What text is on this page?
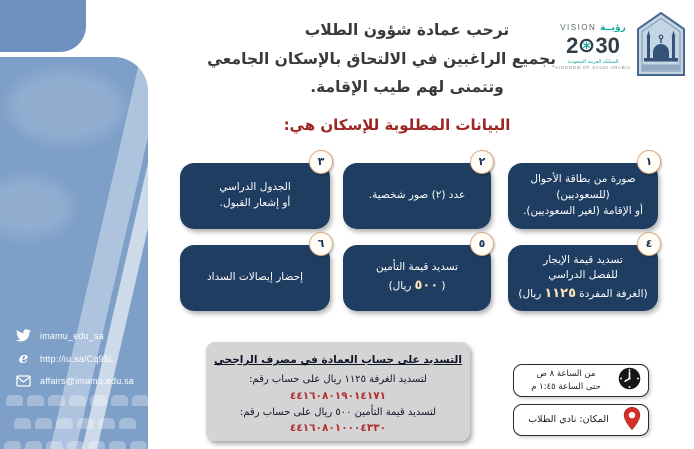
imamu_edu_sa
e http://iu.sa/Cq95L
affairs@imamu.edu.sa
ترحب عمادة شؤون الطلاب
بجميع الراغبين في الالتحاق بالإسكان الجامعي
وتتمنى لهم طيب الإقامة.
VISION رؤيــة
2 30
المملكة العربية السعودية
KINGDOM OF SAUDI ARABIA
البيانات المطلوبة للإسكان هي:
١
صورة من بطاقة الأحوال
(للسعوديين)
أو الإقامة (لغير السعوديين).
٢
عدد (٢) صور شخصية.
٣
الجدول الدراسي
أو إشعار القبول.
٤
تسديد قيمة الإيجار
للفصل الدراسي
(الغرفة المفردة١١٢٥ريال)
٥
تسديد قيمة التأمين
(٥٠٠ريال)
٦
إحضار إيصالات السداد
التسديد على حساب العمادة في مصرف الراجحي
لتسديد الغرفة ١١٢٥ ريال على حساب رقم:
٤٤١٦٠٨٠١٩٠١٤١٧١
لتسديد قيمة التأمين ٥٠٠ ريال على حساب رقم:
٤٤١٦٠٨٠١٠٠٠٤٣٣٠
من الساعة ٨ ص
حتى الساعة ١:٤٥ م
المكان: نادي الطلاب
